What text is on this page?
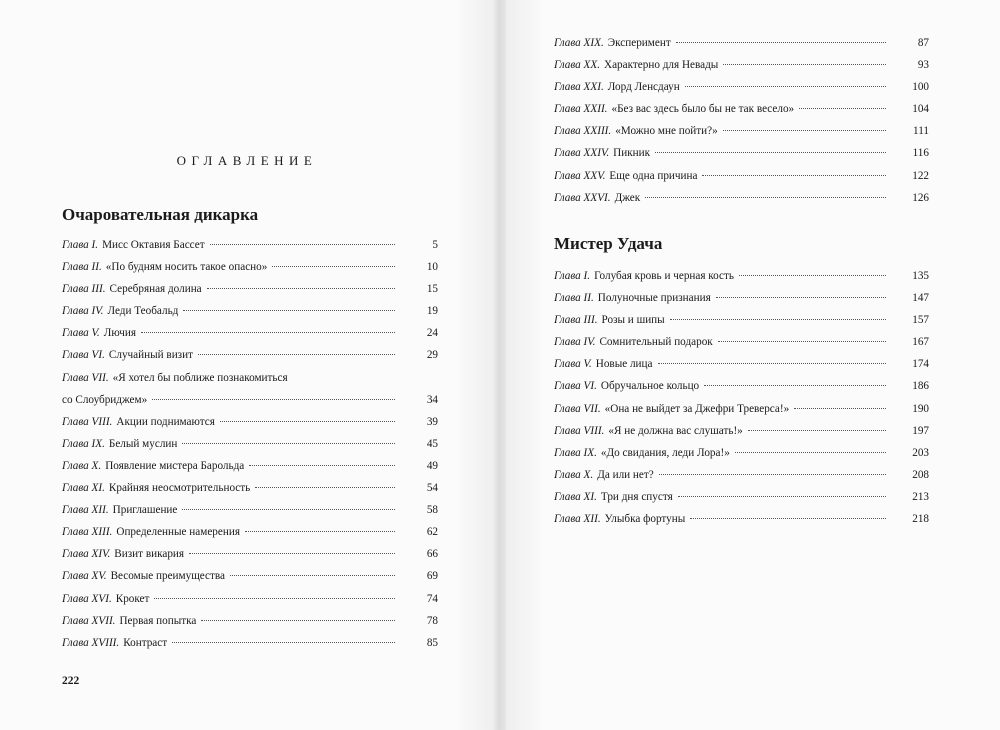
ОГЛАВЛЕНИЕ
Очаровательная дикарка
Глава I. Мисс Октавия Бассет	5
Глава II. «По будням носить такое опасно»	10
Глава III. Серебряная долина	15
Глава IV. Леди Теобальд	19
Глава V. Лючия	24
Глава VI. Случайный визит	29
Глава VII. «Я хотел бы поближе познакомиться
со Слоубриджем»	34
Глава VIII. Акции поднимаются	39
Глава IX. Белый муслин	45
Глава X. Появление мистера Барольда	49
Глава XI. Крайняя неосмотрительность	54
Глава XII. Приглашение	58
Глава XIII. Определенные намерения	62
Глава XIV. Визит викария	66
Глава XV. Весомые преимущества	69
Глава XVI. Крокет	74
Глава XVII. Первая попытка	78
Глава XVIII. Контраст	85
222
Глава XIX. Эксперимент	87
Глава XX. Характерно для Невады	93
Глава XXI. Лорд Ленсдаун	100
Глава XXII. «Без вас здесь было бы не так весело»	104
Глава XXIII. «Можно мне пойти?»	111
Глава XXIV. Пикник	116
Глава XXV. Еще одна причина	122
Глава XXVI. Джек	126
Мистер Удача
Глава I. Голубая кровь и черная кость	135
Глава II. Полуночные признания	147
Глава III. Розы и шипы	157
Глава IV. Сомнительный подарок	167
Глава V. Новые лица	174
Глава VI. Обручальное кольцо	186
Глава VII. «Она не выйдет за Джефри Треверса!»	190
Глава VIII. «Я не должна вас слушать!»	197
Глава IX. «До свидания, леди Лора!»	203
Глава X. Да или нет?	208
Глава XI. Три дня спустя	213
Глава XII. Улыбка фортуны	218
